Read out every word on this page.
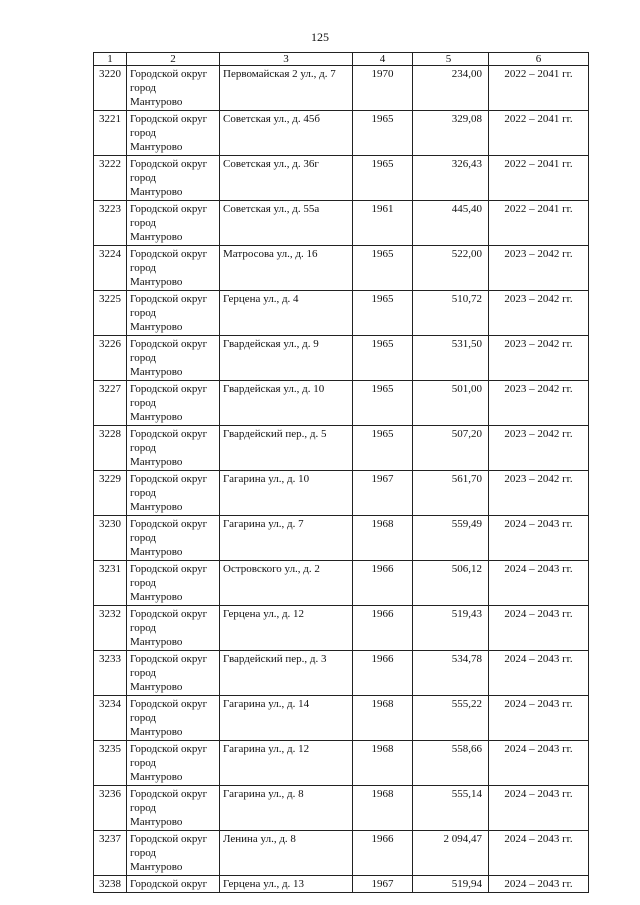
125
1	2	3	4	5	6
3220	Городской округ
город
Мантурово	Первомайская 2 ул., д. 7	1970	234,00	2022 – 2041 гг.
3221	Городской округ
город
Мантурово	Советская ул., д. 45б	1965	329,08	2022 – 2041 гг.
3222	Городской округ
город
Мантурово	Советская ул., д. 36г	1965	326,43	2022 – 2041 гг.
3223	Городской округ
город
Мантурово	Советская ул., д. 55а	1961	445,40	2022 – 2041 гг.
3224	Городской округ
город
Мантурово	Матросова ул., д. 16	1965	522,00	2023 – 2042 гг.
3225	Городской округ
город
Мантурово	Герцена ул., д. 4	1965	510,72	2023 – 2042 гг.
3226	Городской округ
город
Мантурово	Гвардейская ул., д. 9	1965	531,50	2023 – 2042 гг.
3227	Городской округ
город
Мантурово	Гвардейская ул., д. 10	1965	501,00	2023 – 2042 гг.
3228	Городской округ
город
Мантурово	Гвардейский пер., д. 5	1965	507,20	2023 – 2042 гг.
3229	Городской округ
город
Мантурово	Гагарина ул., д. 10	1967	561,70	2023 – 2042 гг.
3230	Городской округ
город
Мантурово	Гагарина ул., д. 7	1968	559,49	2024 – 2043 гг.
3231	Городской округ
город
Мантурово	Островского ул., д. 2	1966	506,12	2024 – 2043 гг.
3232	Городской округ
город
Мантурово	Герцена ул., д. 12	1966	519,43	2024 – 2043 гг.
3233	Городской округ
город
Мантурово	Гвардейский пер., д. 3	1966	534,78	2024 – 2043 гг.
3234	Городской округ
город
Мантурово	Гагарина ул., д. 14	1968	555,22	2024 – 2043 гг.
3235	Городской округ
город
Мантурово	Гагарина ул., д. 12	1968	558,66	2024 – 2043 гг.
3236	Городской округ
город
Мантурово	Гагарина ул., д. 8	1968	555,14	2024 – 2043 гг.
3237	Городской округ
город
Мантурово	Ленина ул., д. 8	1966	2 094,47	2024 – 2043 гг.
3238	Городской округ	Герцена ул., д. 13	1967	519,94	2024 – 2043 гг.
